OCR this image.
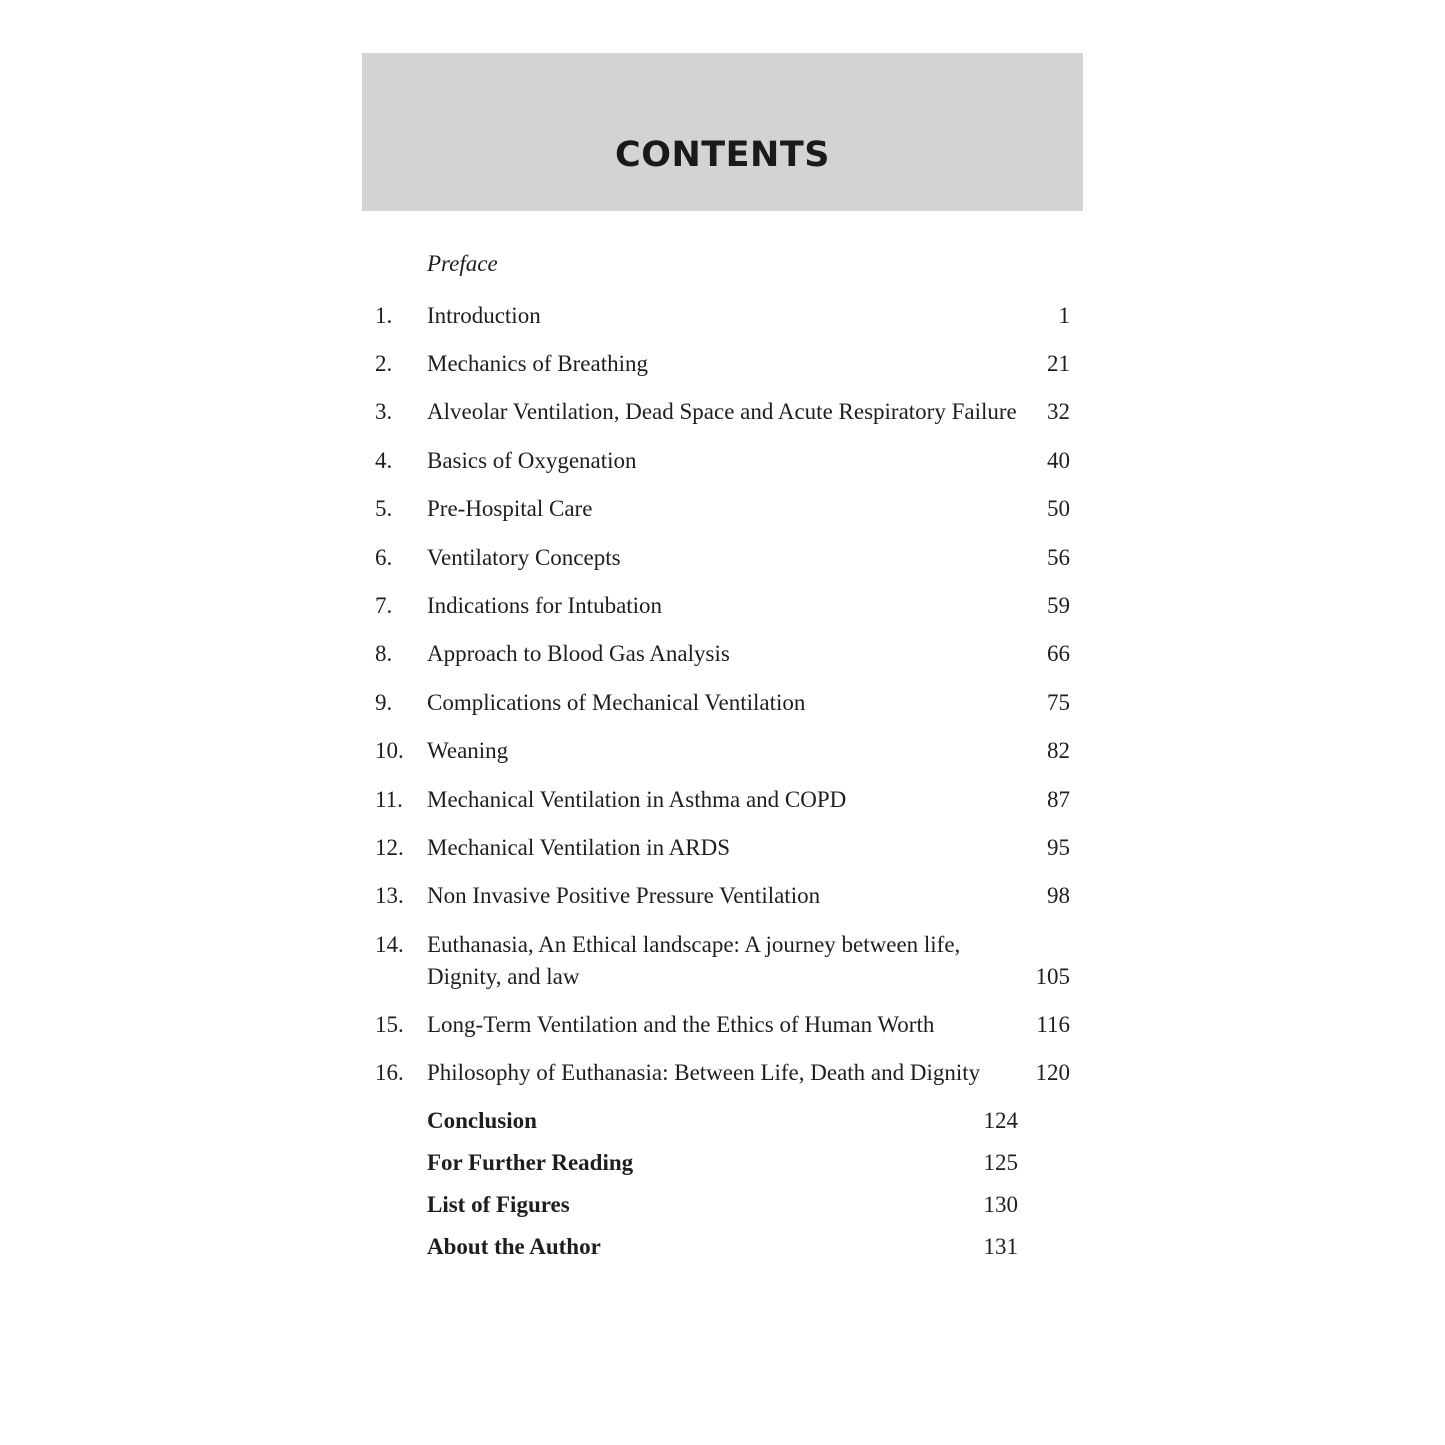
CONTENTS
Preface
1. Introduction	1
2. Mechanics of Breathing	21
3. Alveolar Ventilation, Dead Space and Acute Respiratory Failure	32
4. Basics of Oxygenation	40
5. Pre-Hospital Care	50
6. Ventilatory Concepts	56
7. Indications for Intubation	59
8. Approach to Blood Gas Analysis	66
9. Complications of Mechanical Ventilation	75
10. Weaning	82
11. Mechanical Ventilation in Asthma and COPD	87
12. Mechanical Ventilation in ARDS	95
13. Non Invasive Positive Pressure Ventilation	98
14. Euthanasia, An Ethical landscape: A journey between life, Dignity, and law	105
15. Long-Term Ventilation and the Ethics of Human Worth	116
16. Philosophy of Euthanasia: Between Life, Death and Dignity	120
Conclusion	124
For Further Reading	125
List of Figures	130
About the Author	131
